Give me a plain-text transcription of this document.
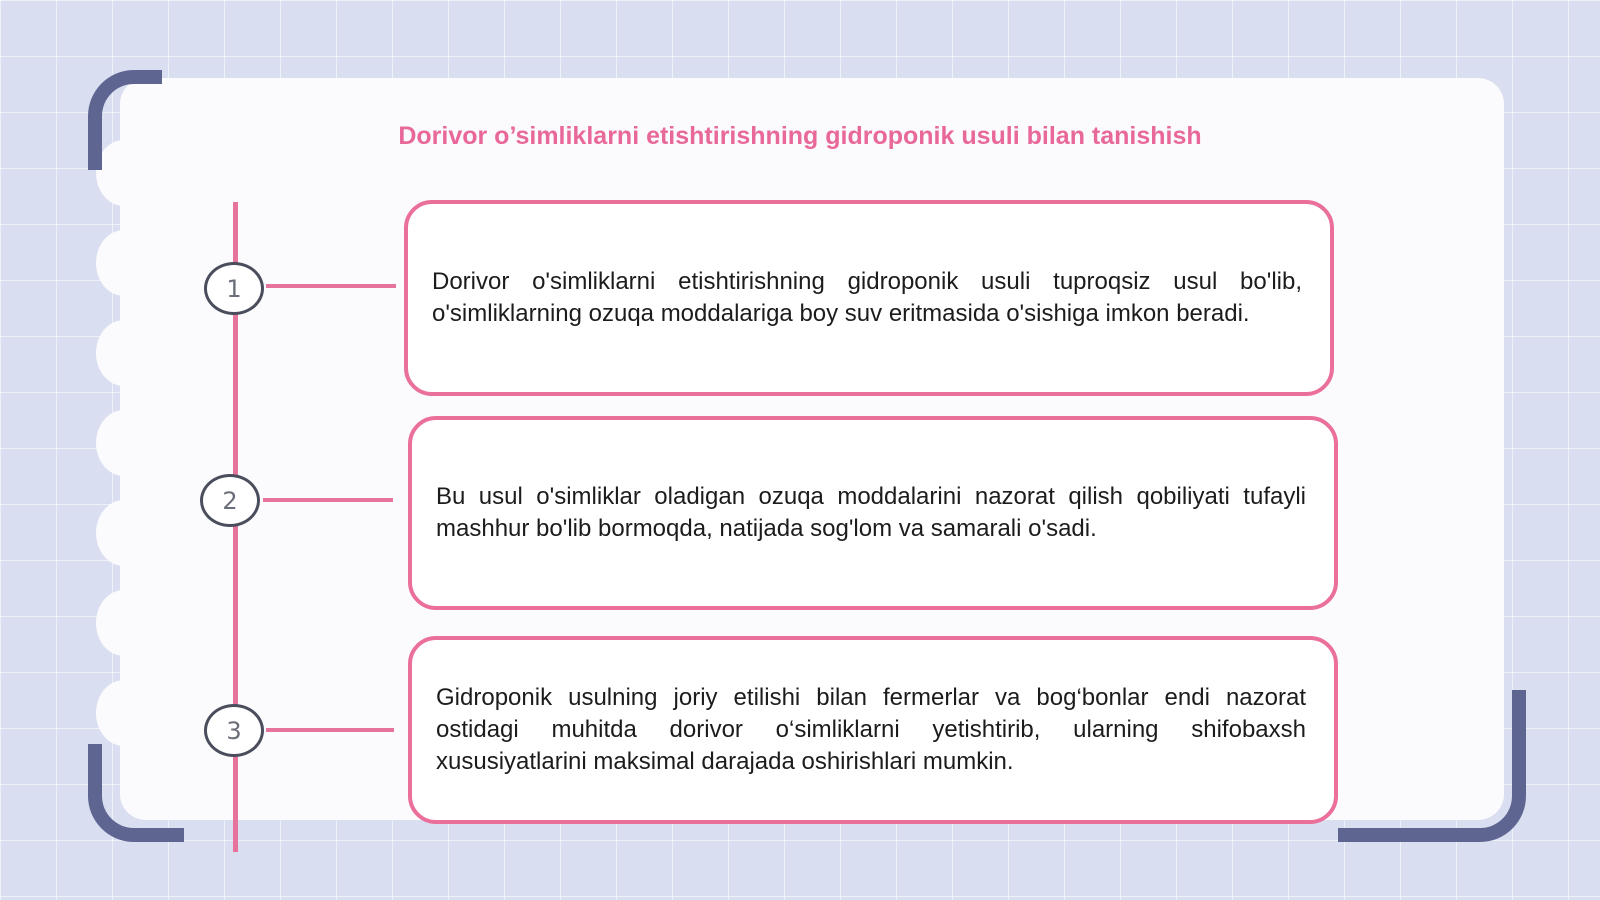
Dorivor o’simliklarni etishtirishning gidroponik usuli bilan tanishish
1	Dorivor o'simliklarni etishtirishning gidroponik usuli tuproqsiz usul bo'lib, o'simliklarning ozuqa moddalariga boy suv eritmasida o'sishiga imkon beradi.
2	Bu usul o'simliklar oladigan ozuqa moddalarini nazorat qilish qobiliyati tufayli mashhur bo'lib bormoqda, natijada sog'lom va samarali o'sadi.
3
Gidroponik usulning joriy etilishi bilan fermerlar va bog‘bonlar endi nazorat ostidagi muhitda dorivor o‘simliklarni yetishtirib, ularning shifobaxsh xususiyatlarini maksimal darajada oshirishlari mumkin.
